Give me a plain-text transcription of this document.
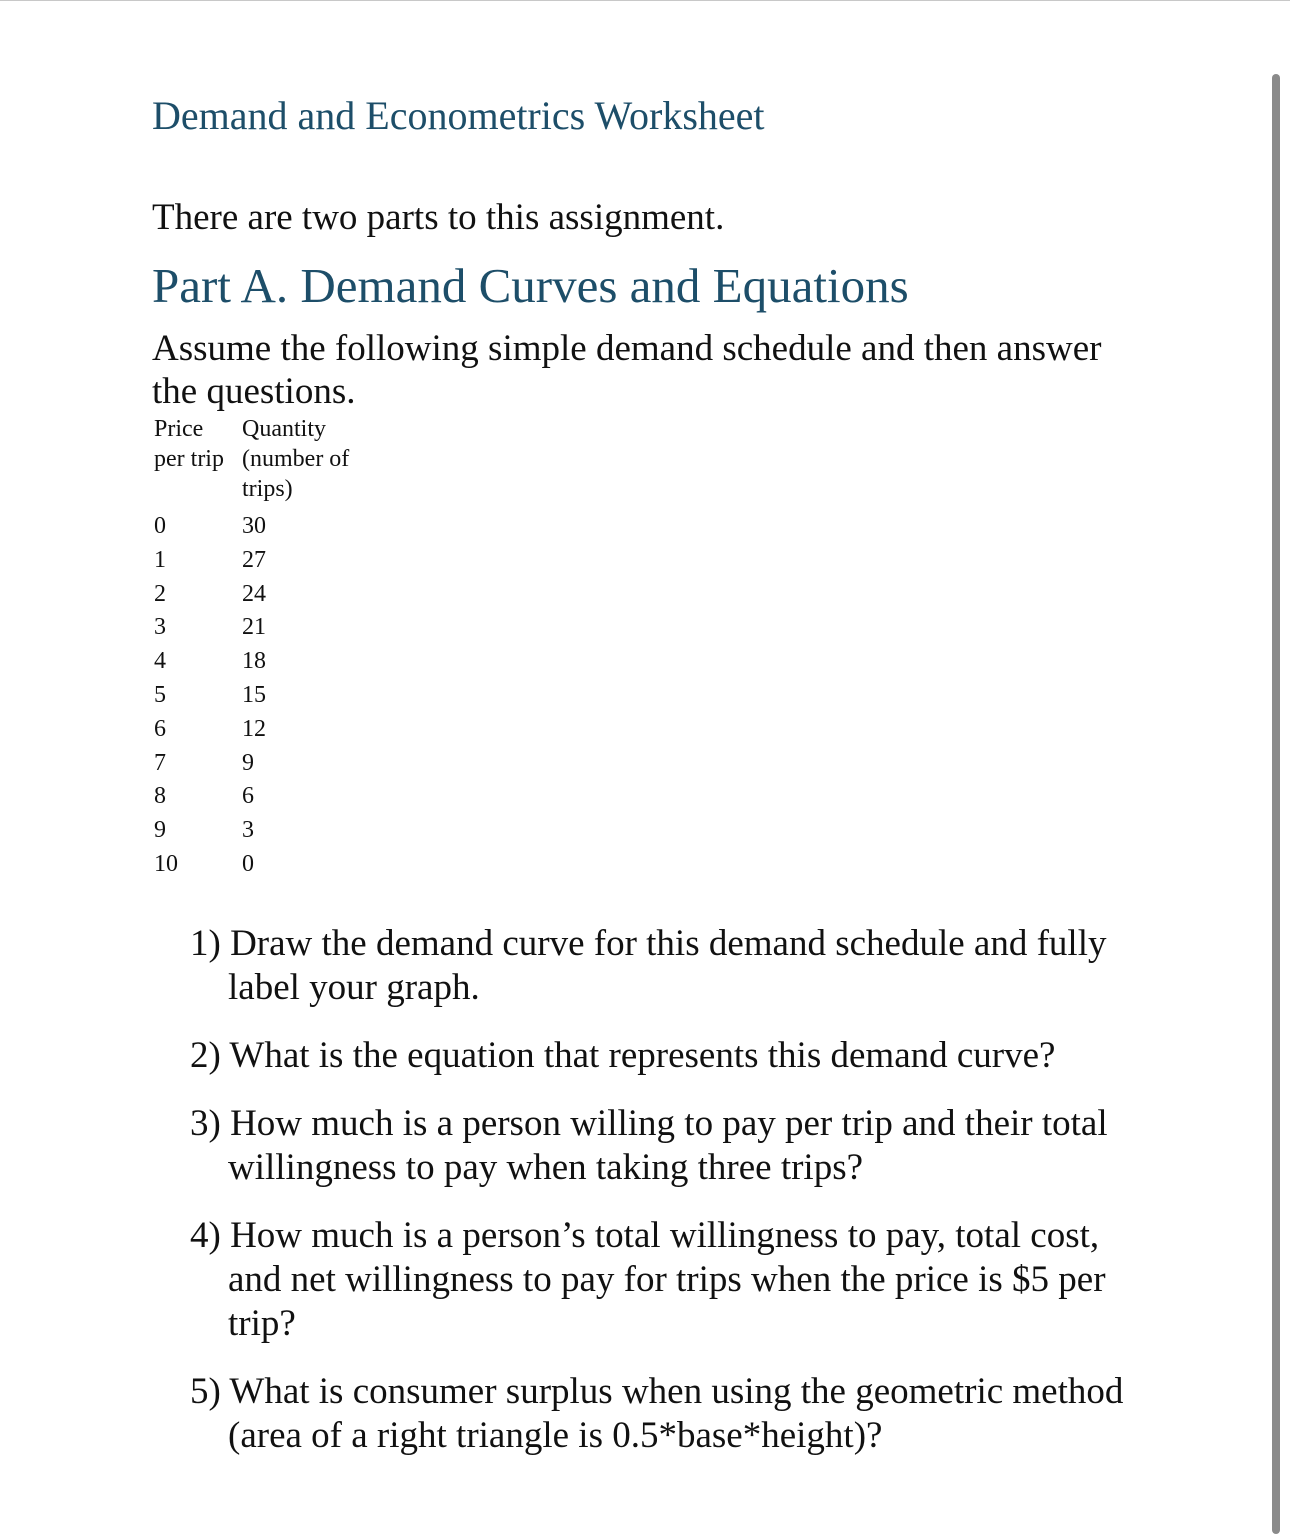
Demand and Econometrics Worksheet

There are two parts to this assignment.

Part A. Demand Curves and Equations

Assume the following simple demand schedule and then answer the questions.

Price per trip	Quantity (number of trips)
0	30
1	27
2	24
3	21
4	18
5	15
6	12
7	9
8	6
9	3
10	0
1) Draw the demand curve for this demand schedule and fully label your graph.
2) What is the equation that represents this demand curve?
3) How much is a person willing to pay per trip and their total willingness to pay when taking three trips?
4) How much is a person’s total willingness to pay, total cost, and net willingness to pay for trips when the price is $5 per trip?
5) What is consumer surplus when using the geometric method (area of a right triangle is 0.5*base*height)?
